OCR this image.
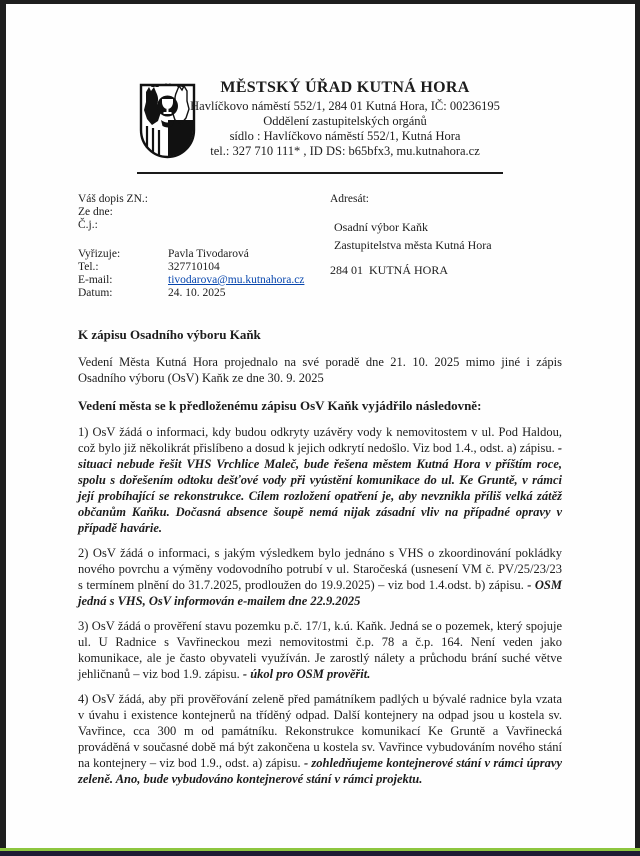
MĚSTSKÝ ÚŘAD KUTNÁ HORA
Havlíčkovo náměstí 552/1, 284 01 Kutná Hora, IČ: 00236195
Oddělení zastupitelských orgánů
sídlo : Havlíčkovo náměstí 552/1, Kutná Hora
tel.: 327 710 111* , ID DS: b65bfx3, mu.kutnahora.cz
Váš dopis ZN.:
Ze dne:
Č.j.:
Vyřizuje:	Pavla Tivodarová
Tel.:	327710104
E-mail:	tivodarova@mu.kutnahora.cz
Datum:	24. 10. 2025
Adresát:
Osadní výbor Kaňk
Zastupitelstva města Kutná Hora
284 01  KUTNÁ HORA
K zápisu Osadního výboru Kaňk

Vedení Města Kutná Hora projednalo na své poradě dne 21. 10. 2025 mimo jiné i zápis Osadního výboru (OsV) Kaňk ze dne 30. 9. 2025

Vedení města se k předloženému zápisu OsV Kaňk vyjádřilo následovně:

1) OsV žádá o informaci, kdy budou odkryty uzávěry vody k nemovitostem v ul. Pod Haldou, což bylo již několikrát přislíbeno a dosud k jejich odkrytí nedošlo. Viz bod 1.4., odst. a) zápisu. - situaci nebude řešit VHS Vrchlice Maleč, bude řešena městem Kutná Hora v příštím roce, spolu s dořešením odtoku dešťové vody při vyústění komunikace do ul. Ke Gruntě, v rámci její probíhající se rekonstrukce. Cílem rozložení opatření je, aby nevznikla příliš velká zátěž občanům Kaňku. Dočasná absence šoupě nemá nijak zásadní vliv na případné opravy v případě havárie.

2) OsV žádá o informaci, s jakým výsledkem bylo jednáno s VHS o zkoordinování pokládky nového povrchu a výměny vodovodního potrubí v ul. Staročeská (usnesení VM č. PV/25/23/23 s termínem plnění do 31.7.2025, prodloužen do 19.9.2025) – viz bod 1.4.odst. b) zápisu. - OSM jedná s VHS, OsV informován e-mailem dne 22.9.2025

3) OsV žádá o prověření stavu pozemku p.č. 17/1, k.ú. Kaňk. Jedná se o pozemek, který spojuje ul. U Radnice s Vavřineckou mezi nemovitostmi č.p. 78 a č.p. 164. Není veden jako komunikace, ale je často obyvateli využíván. Je zarostlý nálety a průchodu brání suché větve jehličnanů – viz bod 1.9. zápisu. - úkol pro OSM prověřit.

4) OsV žádá, aby při prověřování zeleně před památníkem padlých u bývalé radnice byla vzata v úvahu i existence kontejnerů na tříděný odpad. Další kontejnery na odpad jsou u kostela sv. Vavřince, cca 300 m od památníku. Rekonstrukce komunikací Ke Gruntě a Vavřinecká prováděná v současné době má být zakončena u kostela sv. Vavřince vybudováním nového stání na kontejnery – viz bod 1.9., odst. a) zápisu. - zohledňujeme kontejnerové stání v rámci úpravy zeleně. Ano, bude vybudováno kontejnerové stání v rámci projektu.
